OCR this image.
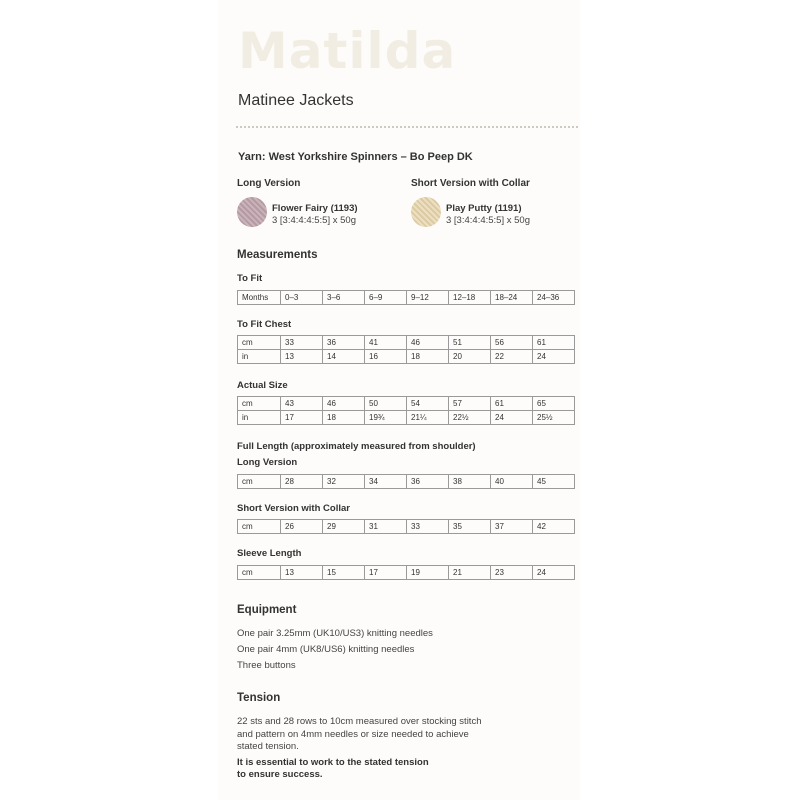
Matilda
Matinee Jackets
Yarn: West Yorkshire Spinners – Bo Peep DK
Long Version
Flower Fairy (1193)
3 [3:4:4:4:5:5] x 50g
Short Version with Collar
Play Putty (1191)
3 [3:4:4:4:5:5] x 50g
Measurements
To Fit
Months	0–3	3–6	6–9	9–12	12–18	18–24	24–36
To Fit Chest
cm	33	36	41	46	51	56	61
in	13	14	16	18	20	22	24
Actual Size
cm	43	46	50	54	57	61	65
in	17	18	19¾	21¼	22½	24	25½
Full Length (approximately measured from shoulder)
Long Version
cm	28	32	34	36	38	40	45
Short Version with Collar
cm	26	29	31	33	35	37	42
Sleeve Length
cm	13	15	17	19	21	23	24
Equipment
One pair 3.25mm (UK10/US3) knitting needles
One pair 4mm (UK8/US6) knitting needles
Three buttons
Tension
22 sts and 28 rows to 10cm measured over stocking stitch
and pattern on 4mm needles or size needed to achieve
stated tension.
It is essential to work to the stated tension
to ensure success.
